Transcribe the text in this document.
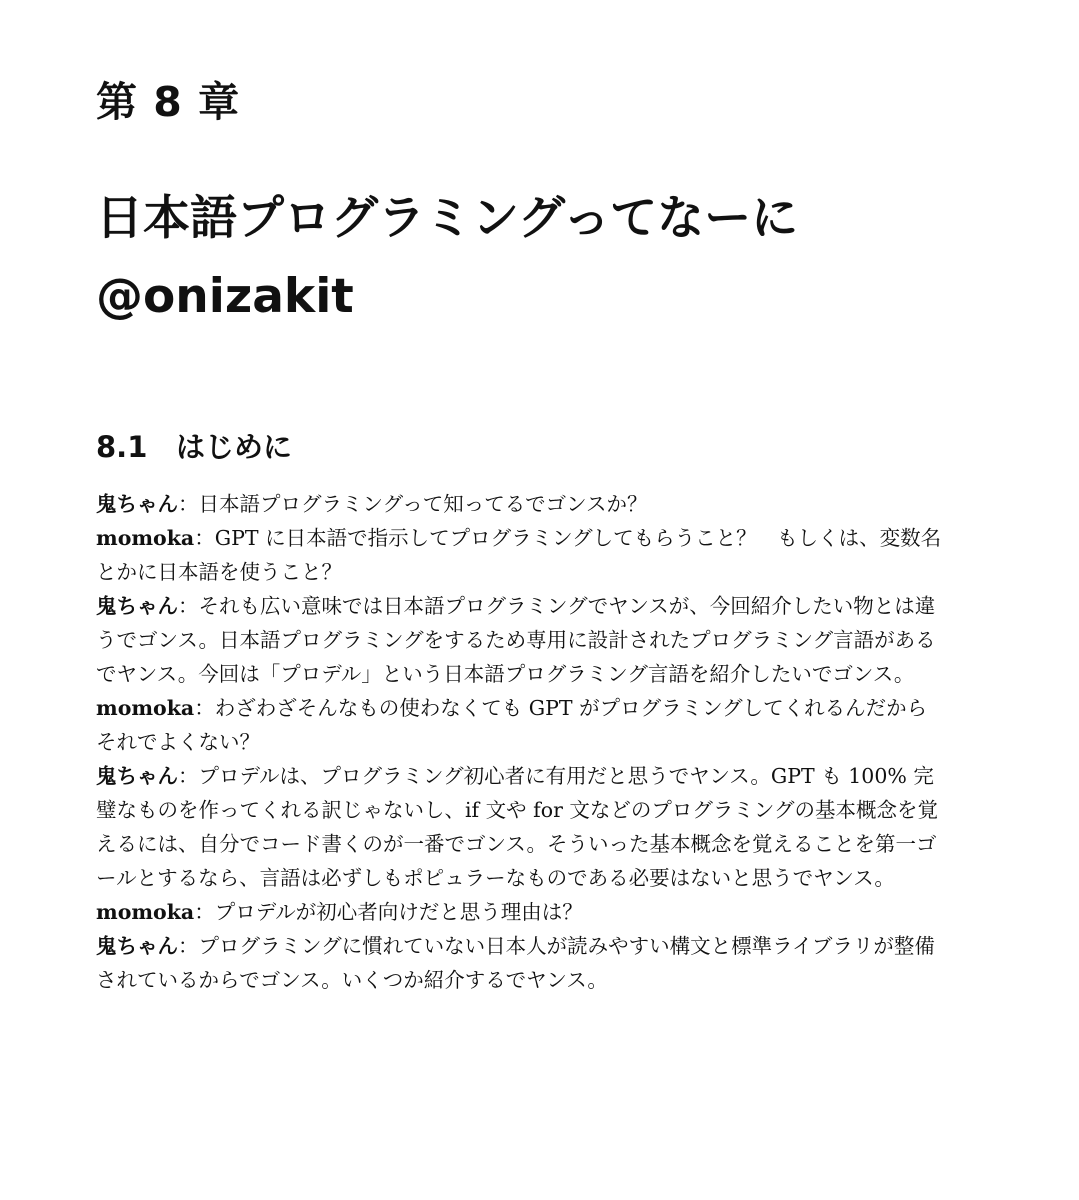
第 8 章
日本語プログラミングってなーに
@onizakit
8.1 はじめに

鬼ちゃん：日本語プログラミングって知ってるでゴンスか？

momoka：GPT に日本語で指示してプログラミングしてもらうこと？　もしくは、変数名とかに日本語を使うこと？

鬼ちゃん：それも広い意味では日本語プログラミングでヤンスが、今回紹介したい物とは違うでゴンス。日本語プログラミングをするため専用に設計されたプログラミング言語があるでヤンス。今回は「プロデル」という日本語プログラミング言語を紹介したいでゴンス。

momoka：わざわざそんなもの使わなくても GPT がプログラミングしてくれるんだからそれでよくない？

鬼ちゃん：プロデルは、プログラミング初心者に有用だと思うでヤンス。GPT も 100% 完璧なものを作ってくれる訳じゃないし、if 文や for 文などのプログラミングの基本概念を覚えるには、自分でコード書くのが一番でゴンス。そういった基本概念を覚えることを第一ゴールとするなら、言語は必ずしもポピュラーなものである必要はないと思うでヤンス。

momoka：プロデルが初心者向けだと思う理由は？

鬼ちゃん：プログラミングに慣れていない日本人が読みやすい構文と標準ライブラリが整備されているからでゴンス。いくつか紹介するでヤンス。
